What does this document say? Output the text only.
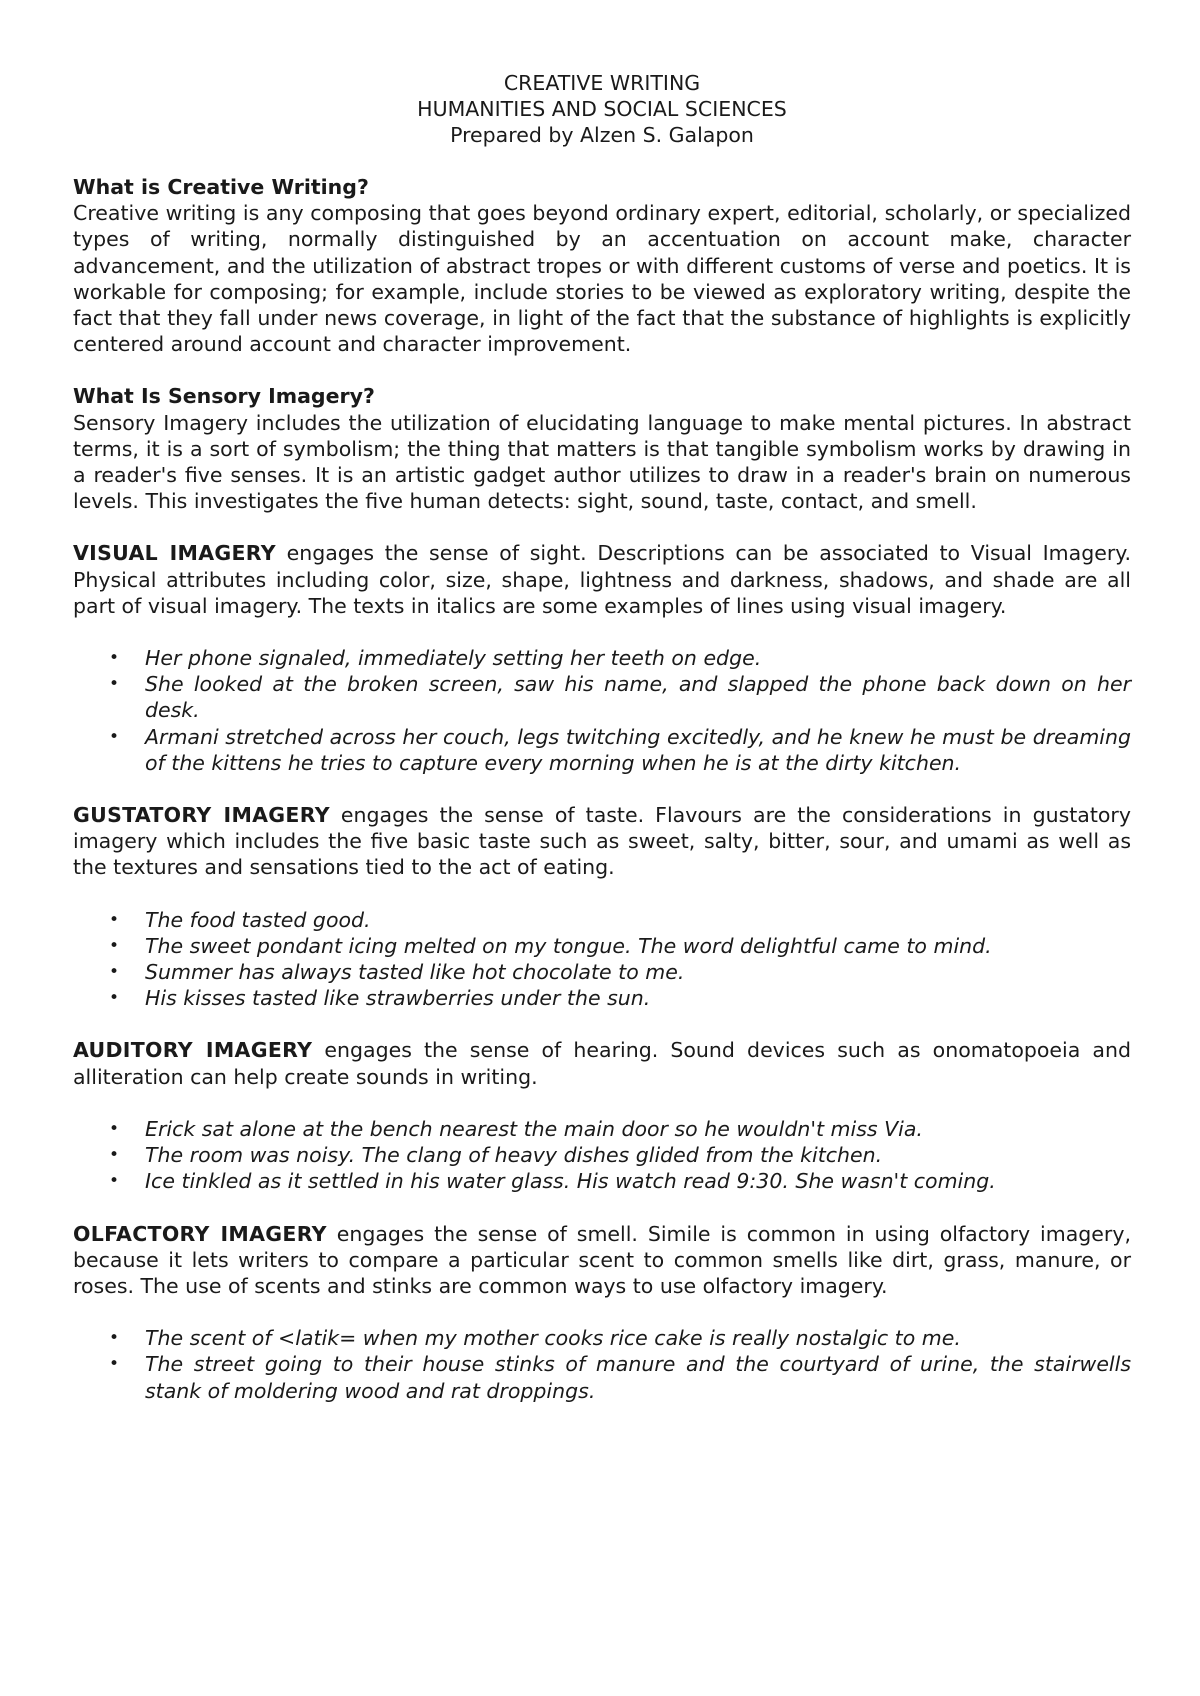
CREATIVE WRITING
HUMANITIES AND SOCIAL SCIENCES
Prepared by Alzen S. Galapon
What is Creative Writing?

Creative writing is any composing that goes beyond ordinary expert, editorial, scholarly, or specialized types of writing, normally distinguished by an accentuation on account make, character advancement, and the utilization of abstract tropes or with different customs of verse and poetics. It is workable for composing; for example, include stories to be viewed as exploratory writing, despite the fact that they fall under news coverage, in light of the fact that the substance of highlights is explicitly centered around account and character improvement.

What Is Sensory Imagery?

Sensory Imagery includes the utilization of elucidating language to make mental pictures. In abstract terms, it is a sort of symbolism; the thing that matters is that tangible symbolism works by drawing in a reader's five senses. It is an artistic gadget author utilizes to draw in a reader's brain on numerous levels. This investigates the five human detects: sight, sound, taste, contact, and smell.

VISUAL IMAGERY engages the sense of sight. Descriptions can be associated to Visual Imagery. Physical attributes including color, size, shape, lightness and darkness, shadows, and shade are all part of visual imagery. The texts in italics are some examples of lines using visual imagery.

• Her phone signaled, immediately setting her teeth on edge.
• She looked at the broken screen, saw his name, and slapped the phone back down on her desk.
• Armani stretched across her couch, legs twitching excitedly, and he knew he must be dreaming of the kittens he tries to capture every morning when he is at the dirty kitchen.

GUSTATORY IMAGERY engages the sense of taste. Flavours are the considerations in gustatory imagery which includes the five basic taste such as sweet, salty, bitter, sour, and umami as well as the textures and sensations tied to the act of eating.

• The food tasted good.
• The sweet pondant icing melted on my tongue. The word delightful came to mind.
• Summer has always tasted like hot chocolate to me.
• His kisses tasted like strawberries under the sun.

AUDITORY IMAGERY engages the sense of hearing. Sound devices such as onomatopoeia and alliteration can help create sounds in writing.

• Erick sat alone at the bench nearest the main door so he wouldn't miss Via.
• The room was noisy. The clang of heavy dishes glided from the kitchen.
• Ice tinkled as it settled in his water glass. His watch read 9:30. She wasn't coming.

OLFACTORY IMAGERY engages the sense of smell. Simile is common in using olfactory imagery, because it lets writers to compare a particular scent to common smells like dirt, grass, manure, or roses. The use of scents and stinks are common ways to use olfactory imagery.

• The scent of <latik= when my mother cooks rice cake is really nostalgic to me.
• The street going to their house stinks of manure and the courtyard of urine, the stairwells stank of moldering wood and rat droppings.
